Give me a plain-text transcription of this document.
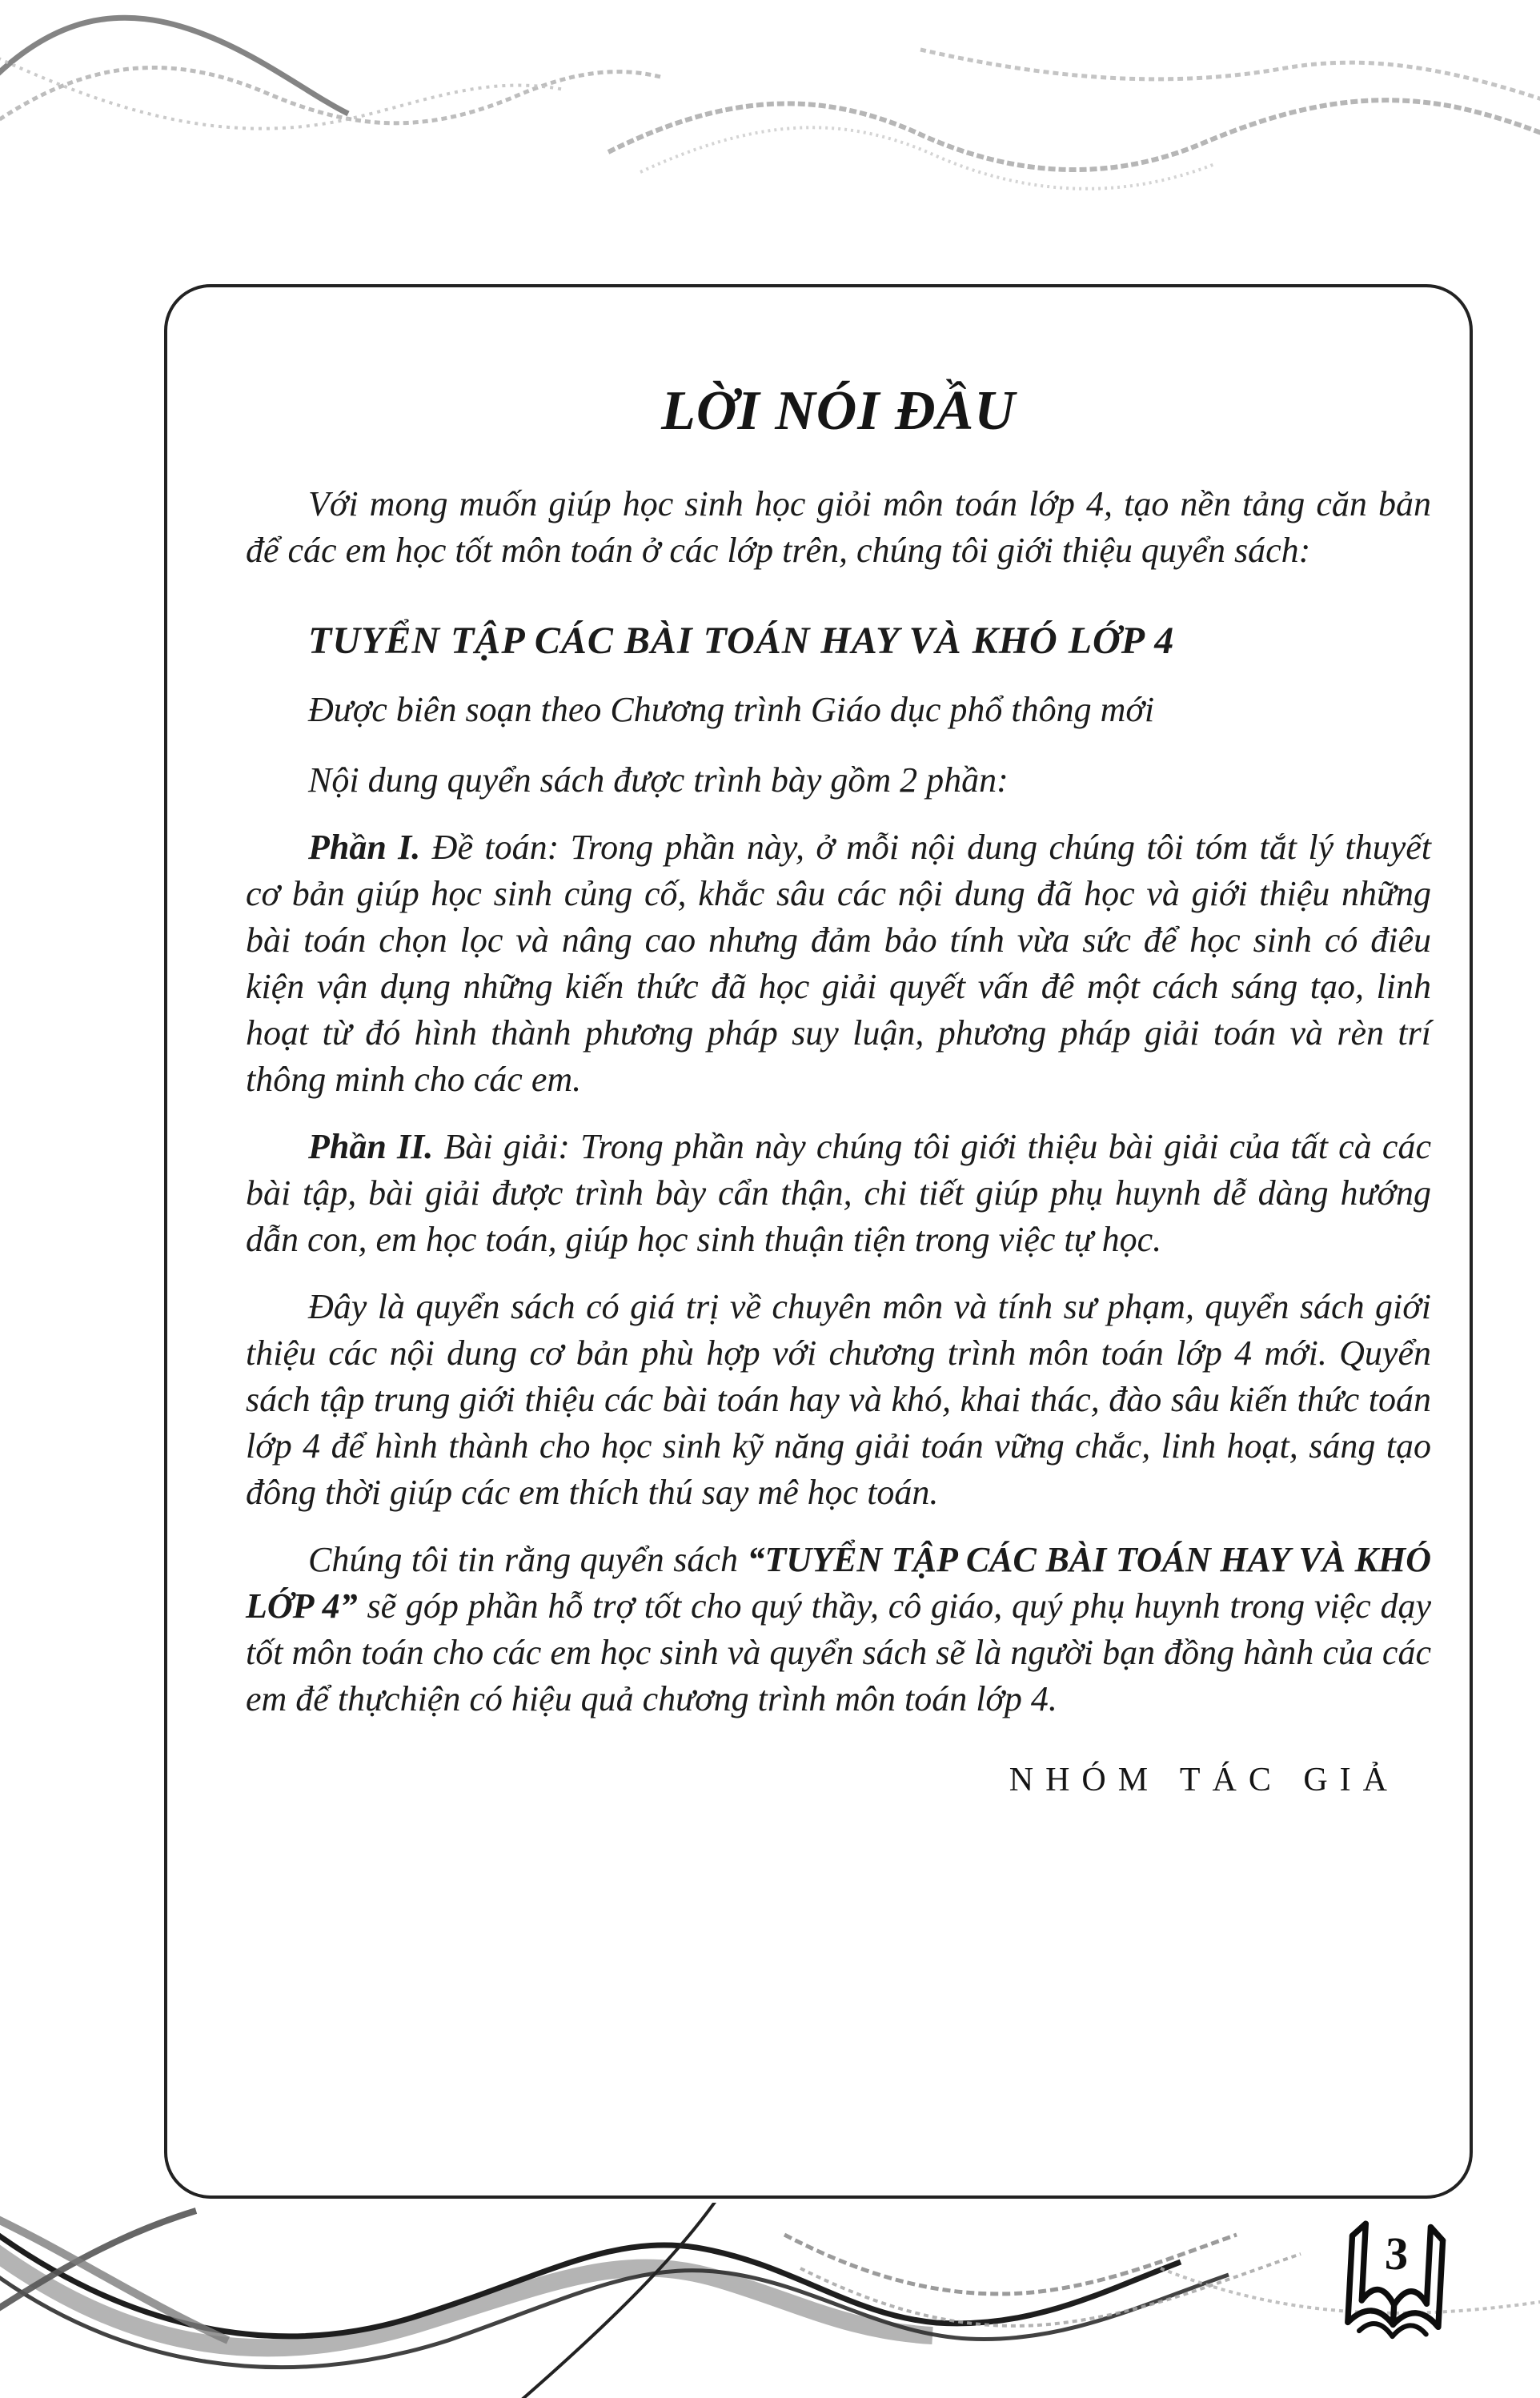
LỜI NÓI ĐẦU

Với mong muốn giúp học sinh học giỏi môn toán lớp 4, tạo nền tảng căn bản để các em học tốt môn toán ở các lớp trên, chúng tôi giới thiệu quyển sách:

TUYỂN TẬP CÁC BÀI TOÁN HAY VÀ KHÓ LỚP 4

Được biên soạn theo Chương trình Giáo dục phổ thông mới

Nội dung quyển sách được trình bày gồm 2 phần:

Phần I. Đề toán: Trong phần này, ở mỗi nội dung chúng tôi tóm tắt lý thuyết cơ bản giúp học sinh củng cố, khắc sâu các nội dung đã học và giới thiệu những bài toán chọn lọc và nâng cao nhưng đảm bảo tính vừa sức để học sinh có điêu kiện vận dụng những kiến thức đã học giải quyết vấn đê một cách sáng tạo, linh hoạt từ đó hình thành phương pháp suy luận, phương pháp giải toán và rèn trí thông minh cho các em.

Phần II. Bài giải: Trong phần này chúng tôi giới thiệu bài giải của tất cà các bài tập, bài giải được trình bày cẩn thận, chi tiết giúp phụ huynh dễ dàng hướng dẫn con, em học toán, giúp học sinh thuận tiện trong việc tự học.

Đây là quyển sách có giá trị về chuyên môn và tính sư phạm, quyển sách giới thiệu các nội dung cơ bản phù hợp với chương trình môn toán lớp 4 mới. Quyển sách tập trung giới thiệu các bài toán hay và khó, khai thác, đào sâu kiến thức toán lớp 4 để hình thành cho học sinh kỹ năng giải toán vững chắc, linh hoạt, sáng tạo đông thời giúp các em thích thú say mê học toán.

Chúng tôi tin rằng quyển sách “TUYỂN TẬP CÁC BÀI TOÁN HAY VÀ KHÓ LỚP 4” sẽ góp phần hỗ trợ tốt cho quý thầy, cô giáo, quý phụ huynh trong việc dạy tốt môn toán cho các em học sinh và quyển sách sẽ là người bạn đồng hành của các em để thựchiện có hiệu quả chương trình môn toán lớp 4.

NHÓM TÁC GIẢ

3
